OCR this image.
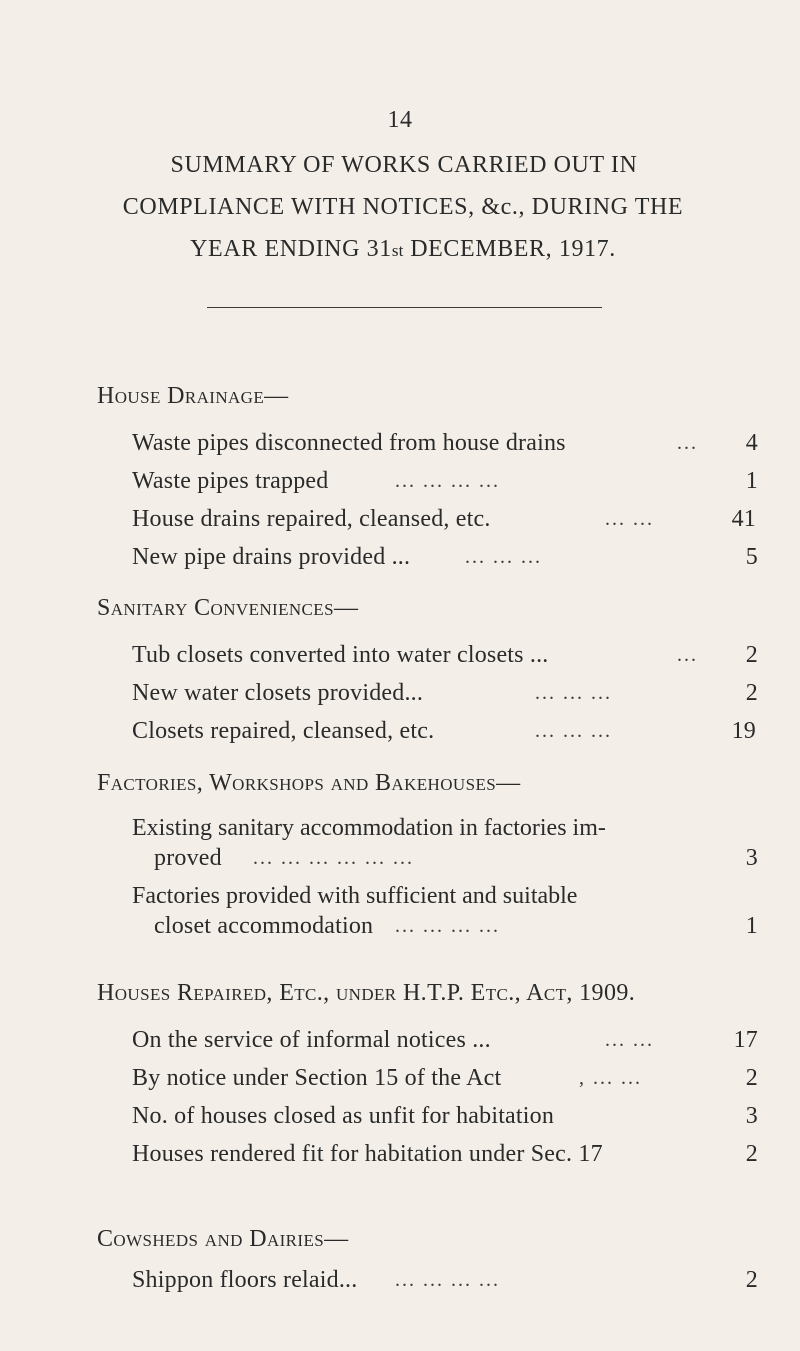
14
SUMMARY OF WORKS CARRIED OUT IN
COMPLIANCE WITH NOTICES, &c., DURING THE
YEAR ENDING 31st DECEMBER, 1917.
House Drainage—
Waste pipes disconnected from house drains	... 4
Waste pipes trapped	... ... ... ...	1
House drains repaired, cleansed, etc.	... ...	41
New pipe drains provided ...	... ... ...	5
Sanitary Conveniences—
Tub closets converted into water closets ...	... 2
New water closets provided...	... ... ...	2
Closets repaired, cleansed, etc.	... ... ...	19
Factories, Workshops and Bakehouses—
Existing sanitary accommodation in factories im-
proved ... ... ... ... ... ...	3
Factories provided with sufficient and suitable
closet accommodation ... ... ... ...	1
Houses Repaired, Etc., under H.T.P. Etc., Act, 1909.
On the service of informal notices ...	... ...	17
By notice under Section 15 of the Act	, ... ...	2
No. of houses closed as unfit for habitation	3
Houses rendered fit for habitation under Sec. 17	2
Cowsheds and Dairies—
Shippon floors relaid... ... ... ... ...	2
